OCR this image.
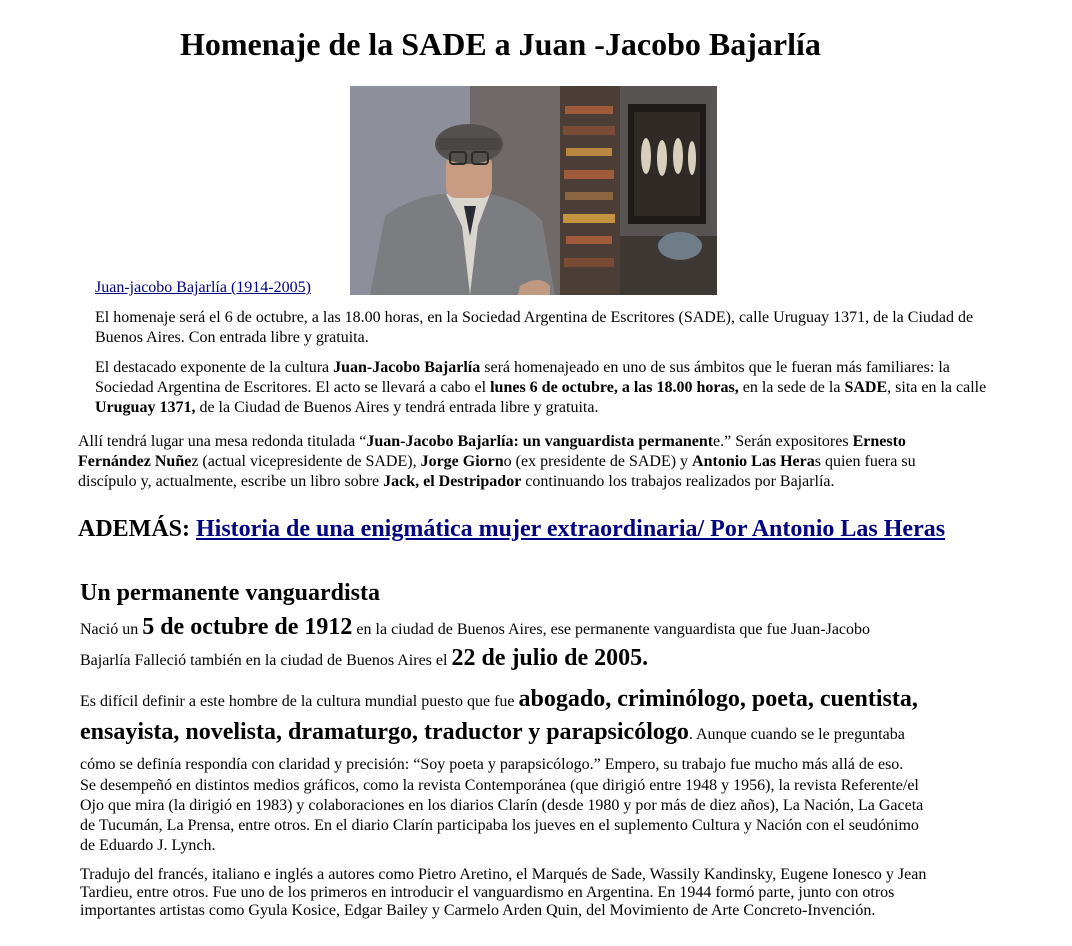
Homenaje de la SADE a Juan -Jacobo Bajarlía
Juan-jacobo Bajarlía (1914-2005)

El homenaje será el 6 de octubre, a las 18.00 horas, en la Sociedad Argentina de Escritores (SADE), calle Uruguay 1371, de la Ciudad de Buenos Aires. Con entrada libre y gratuita.

El destacado exponente de la cultura Juan-Jacobo Bajarlía será homenajeado en uno de sus ámbitos que le fueran más familiares: la Sociedad Argentina de Escritores. El acto se llevará a cabo el lunes 6 de octubre, a las 18.00 horas, en la sede de la SADE, sita en la calle Uruguay 1371, de la Ciudad de Buenos Aires y tendrá entrada libre y gratuita.

Allí tendrá lugar una mesa redonda titulada “Juan-Jacobo Bajarlía: un vanguardista permanente.” Serán expositores Ernesto Fernández Nuñez (actual vicepresidente de SADE), Jorge Giorno (ex presidente de SADE) y Antonio Las Heras quien fuera su discípulo y, actualmente, escribe un libro sobre Jack, el Destripador continuando los trabajos realizados por Bajarlía.

ADEMÁS: Historia de una enigmática mujer extraordinaria/ Por Antonio Las Heras

Un permanente vanguardista

Nació un 5 de octubre de 1912 en la ciudad de Buenos Aires, ese permanente vanguardista que fue Juan-Jacobo

Bajarlía Falleció también en la ciudad de Buenos Aires el 22 de julio de 2005.

Es difícil definir a este hombre de la cultura mundial puesto que fue abogado, criminólogo, poeta, cuentista, ensayista, novelista, dramaturgo, traductor y parapsicólogo. Aunque cuando se le preguntaba
cómo se definía respondía con claridad y precisión: “Soy poeta y parapsicólogo.” Empero, su trabajo fue mucho más allá de eso.

Se desempeñó en distintos medios gráficos, como la revista Contemporánea (que dirigió entre 1948 y 1956), la revista Referente/el Ojo que mira (la dirigió en 1983) y colaboraciones en los diarios Clarín (desde 1980 y por más de diez años), La Nación, La Gaceta de Tucumán, La Prensa, entre otros. En el diario Clarín participaba los jueves en el suplemento Cultura y Nación con el seudónimo de Eduardo J. Lynch.

Tradujo del francés, italiano e inglés a autores como Pietro Aretino, el Marqués de Sade, Wassily Kandinsky, Eugene Ionesco y Jean Tardieu, entre otros. Fue uno de los primeros en introducir el vanguardismo en Argentina. En 1944 formó parte, junto con otros importantes artistas como Gyula Kosice, Edgar Bailey y Carmelo Arden Quin, del Movimiento de Arte Concreto-Invención.
